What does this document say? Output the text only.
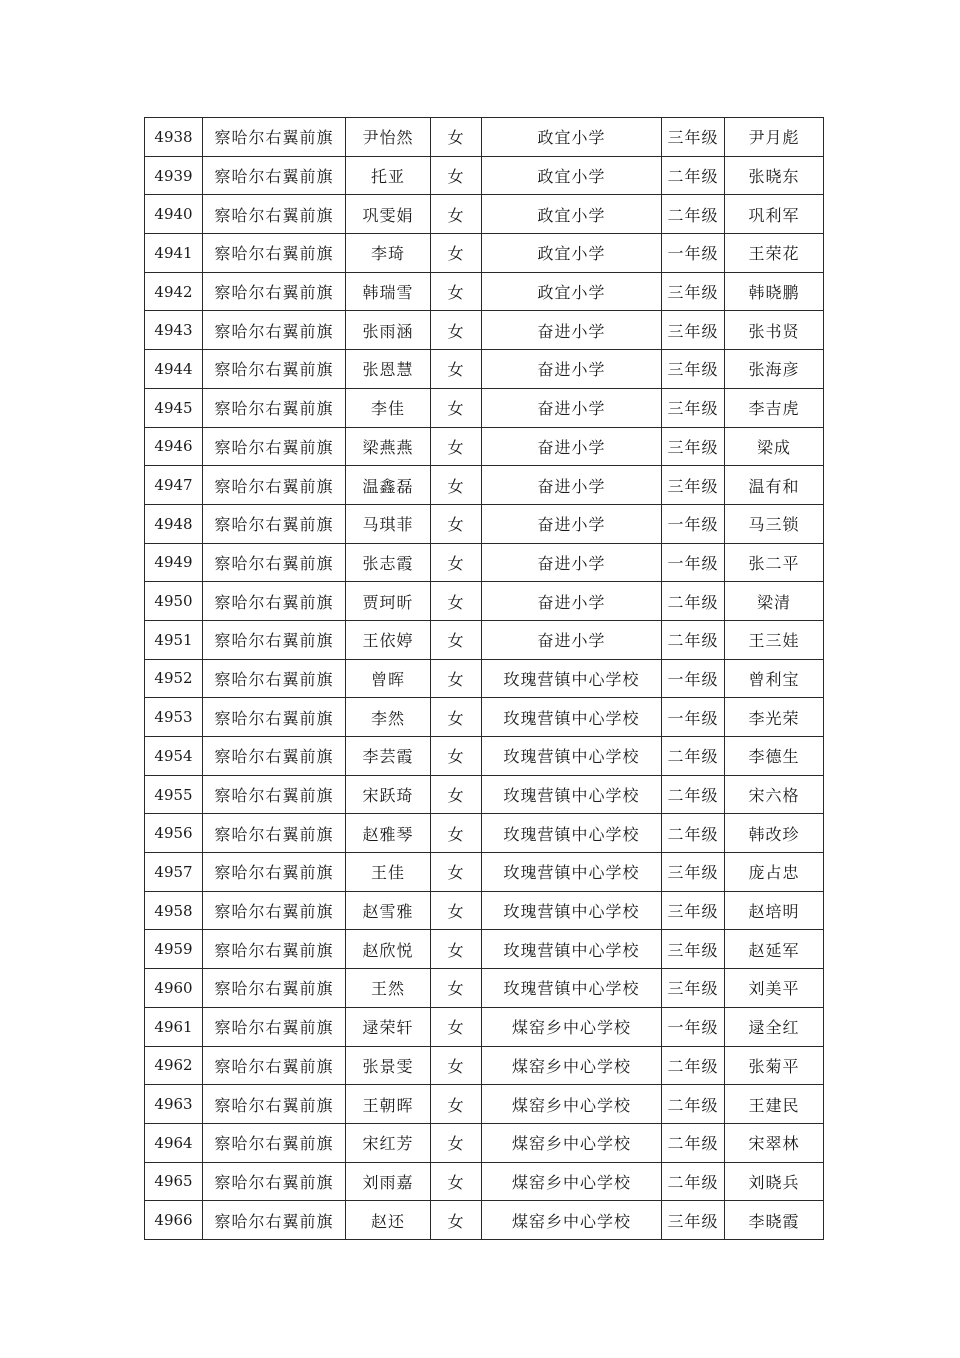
4938	察哈尔右翼前旗	尹怡然	女	政宜小学	三年级	尹月彪
4939	察哈尔右翼前旗	托亚	女	政宜小学	二年级	张晓东
4940	察哈尔右翼前旗	巩雯娟	女	政宜小学	二年级	巩利军
4941	察哈尔右翼前旗	李琦	女	政宜小学	一年级	王荣花
4942	察哈尔右翼前旗	韩瑞雪	女	政宜小学	三年级	韩晓鹏
4943	察哈尔右翼前旗	张雨涵	女	奋进小学	三年级	张书贤
4944	察哈尔右翼前旗	张恩慧	女	奋进小学	三年级	张海彦
4945	察哈尔右翼前旗	李佳	女	奋进小学	三年级	李吉虎
4946	察哈尔右翼前旗	梁燕燕	女	奋进小学	三年级	梁成
4947	察哈尔右翼前旗	温鑫磊	女	奋进小学	三年级	温有和
4948	察哈尔右翼前旗	马琪菲	女	奋进小学	一年级	马三锁
4949	察哈尔右翼前旗	张志霞	女	奋进小学	一年级	张二平
4950	察哈尔右翼前旗	贾珂昕	女	奋进小学	二年级	梁清
4951	察哈尔右翼前旗	王依婷	女	奋进小学	二年级	王三娃
4952	察哈尔右翼前旗	曾晖	女	玫瑰营镇中心学校	一年级	曾利宝
4953	察哈尔右翼前旗	李然	女	玫瑰营镇中心学校	一年级	李光荣
4954	察哈尔右翼前旗	李芸霞	女	玫瑰营镇中心学校	二年级	李德生
4955	察哈尔右翼前旗	宋跃琦	女	玫瑰营镇中心学校	二年级	宋六格
4956	察哈尔右翼前旗	赵雅琴	女	玫瑰营镇中心学校	二年级	韩改珍
4957	察哈尔右翼前旗	王佳	女	玫瑰营镇中心学校	三年级	庞占忠
4958	察哈尔右翼前旗	赵雪雅	女	玫瑰营镇中心学校	三年级	赵培明
4959	察哈尔右翼前旗	赵欣悦	女	玫瑰营镇中心学校	三年级	赵延军
4960	察哈尔右翼前旗	王然	女	玫瑰营镇中心学校	三年级	刘美平
4961	察哈尔右翼前旗	逯荣轩	女	煤窑乡中心学校	一年级	逯全红
4962	察哈尔右翼前旗	张景雯	女	煤窑乡中心学校	二年级	张菊平
4963	察哈尔右翼前旗	王朝晖	女	煤窑乡中心学校	二年级	王建民
4964	察哈尔右翼前旗	宋红芳	女	煤窑乡中心学校	二年级	宋翠林
4965	察哈尔右翼前旗	刘雨嘉	女	煤窑乡中心学校	二年级	刘晓兵
4966	察哈尔右翼前旗	赵还	女	煤窑乡中心学校	三年级	李晓霞
